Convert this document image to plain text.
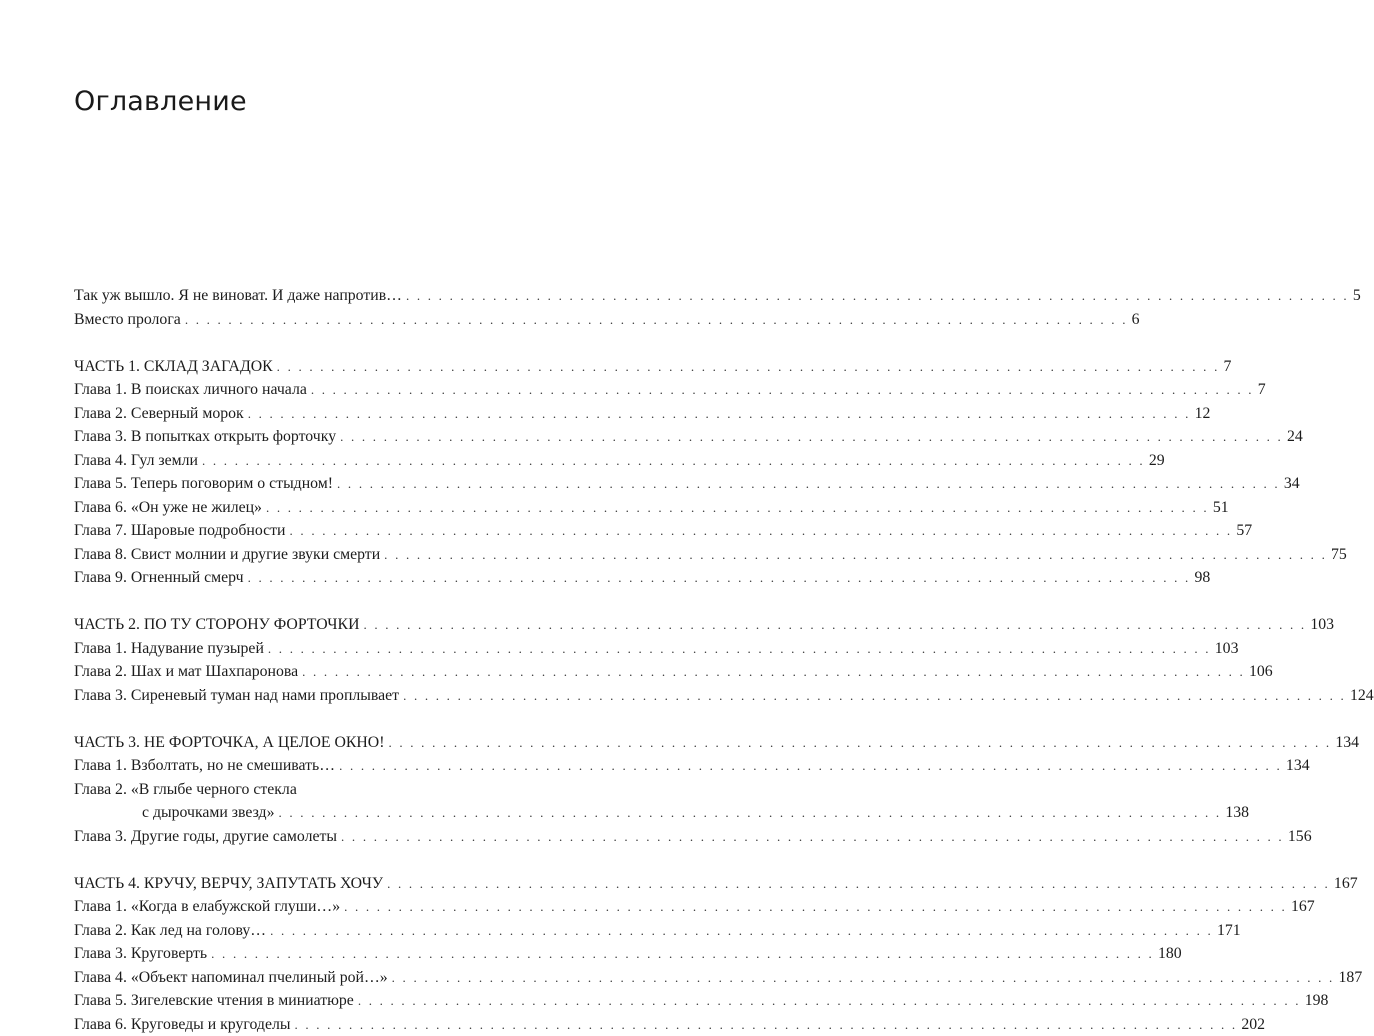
Оглавление
Так уж вышло. Я не виноват. И даже напротив… . . . . . . . . . . . . . . . . . . . . . . . . . . . . . . . . . . . . . . . . . . . . . . . . . . . . . . . . . . . . . . . . . . . . . . . . . . . . . . . . . . . . . . . 5
Вместо пролога . . . . . . . . . . . . . . . . . . . . . . . . . . . . . . . . . . . . . . . . . . . . . . . . . . . . . . . . . . . . . . . . . . . . . . . . . . . . . . . . . . . . . . . 6
ЧАСТЬ 1. СКЛАД ЗАГАДОК . . . . . . . . . . . . . . . . . . . . . . . . . . . . . . . . . . . . . . . . . . . . . . . . . . . . . . . . . . . . . . . . . . . . . . . . . . . . . . . . . . . . . . . 7
Глава 1. В поисках личного начала . . . . . . . . . . . . . . . . . . . . . . . . . . . . . . . . . . . . . . . . . . . . . . . . . . . . . . . . . . . . . . . . . . . . . . . . . . . . . . . . . . . . . . . 7
Глава 2. Северный морок . . . . . . . . . . . . . . . . . . . . . . . . . . . . . . . . . . . . . . . . . . . . . . . . . . . . . . . . . . . . . . . . . . . . . . . . . . . . . . . . . . . . . . . 12
Глава 3. В попытках открыть форточку . . . . . . . . . . . . . . . . . . . . . . . . . . . . . . . . . . . . . . . . . . . . . . . . . . . . . . . . . . . . . . . . . . . . . . . . . . . . . . . . . . . . . . . 24
Глава 4. Гул земли . . . . . . . . . . . . . . . . . . . . . . . . . . . . . . . . . . . . . . . . . . . . . . . . . . . . . . . . . . . . . . . . . . . . . . . . . . . . . . . . . . . . . . . 29
Глава 5. Теперь поговорим о стыдном! . . . . . . . . . . . . . . . . . . . . . . . . . . . . . . . . . . . . . . . . . . . . . . . . . . . . . . . . . . . . . . . . . . . . . . . . . . . . . . . . . . . . . . . 34
Глава 6. «Он уже не жилец» . . . . . . . . . . . . . . . . . . . . . . . . . . . . . . . . . . . . . . . . . . . . . . . . . . . . . . . . . . . . . . . . . . . . . . . . . . . . . . . . . . . . . . . 51
Глава 7. Шаровые подробности . . . . . . . . . . . . . . . . . . . . . . . . . . . . . . . . . . . . . . . . . . . . . . . . . . . . . . . . . . . . . . . . . . . . . . . . . . . . . . . . . . . . . . . 57
Глава 8. Свист молнии и другие звуки смерти . . . . . . . . . . . . . . . . . . . . . . . . . . . . . . . . . . . . . . . . . . . . . . . . . . . . . . . . . . . . . . . . . . . . . . . . . . . . . . . . . . . . . . . 75
Глава 9. Огненный смерч . . . . . . . . . . . . . . . . . . . . . . . . . . . . . . . . . . . . . . . . . . . . . . . . . . . . . . . . . . . . . . . . . . . . . . . . . . . . . . . . . . . . . . . 98
ЧАСТЬ 2. ПО ТУ СТОРОНУ ФОРТОЧКИ . . . . . . . . . . . . . . . . . . . . . . . . . . . . . . . . . . . . . . . . . . . . . . . . . . . . . . . . . . . . . . . . . . . . . . . . . . . . . . . . . . . . . . . 103
Глава 1. Надувание пузырей . . . . . . . . . . . . . . . . . . . . . . . . . . . . . . . . . . . . . . . . . . . . . . . . . . . . . . . . . . . . . . . . . . . . . . . . . . . . . . . . . . . . . . . 103
Глава 2. Шах и мат Шахпаронова . . . . . . . . . . . . . . . . . . . . . . . . . . . . . . . . . . . . . . . . . . . . . . . . . . . . . . . . . . . . . . . . . . . . . . . . . . . . . . . . . . . . . . . 106
Глава 3. Сиреневый туман над нами проплывает . . . . . . . . . . . . . . . . . . . . . . . . . . . . . . . . . . . . . . . . . . . . . . . . . . . . . . . . . . . . . . . . . . . . . . . . . . . . . . . . . . . . . . . 124
ЧАСТЬ 3. НЕ ФОРТОЧКА, А ЦЕЛОЕ ОКНО! . . . . . . . . . . . . . . . . . . . . . . . . . . . . . . . . . . . . . . . . . . . . . . . . . . . . . . . . . . . . . . . . . . . . . . . . . . . . . . . . . . . . . . . 134
Глава 1. Взболтать, но не смешивать… . . . . . . . . . . . . . . . . . . . . . . . . . . . . . . . . . . . . . . . . . . . . . . . . . . . . . . . . . . . . . . . . . . . . . . . . . . . . . . . . . . . . . . . 134
Глава 2. «В глыбе черного стекла
с дырочками звезд» . . . . . . . . . . . . . . . . . . . . . . . . . . . . . . . . . . . . . . . . . . . . . . . . . . . . . . . . . . . . . . . . . . . . . . . . . . . . . . . . . . . . . . . 138
Глава 3. Другие годы, другие самолеты . . . . . . . . . . . . . . . . . . . . . . . . . . . . . . . . . . . . . . . . . . . . . . . . . . . . . . . . . . . . . . . . . . . . . . . . . . . . . . . . . . . . . . . 156
ЧАСТЬ 4. КРУЧУ, ВЕРЧУ, ЗАПУТАТЬ ХОЧУ . . . . . . . . . . . . . . . . . . . . . . . . . . . . . . . . . . . . . . . . . . . . . . . . . . . . . . . . . . . . . . . . . . . . . . . . . . . . . . . . . . . . . . . 167
Глава 1. «Когда в елабужской глуши…» . . . . . . . . . . . . . . . . . . . . . . . . . . . . . . . . . . . . . . . . . . . . . . . . . . . . . . . . . . . . . . . . . . . . . . . . . . . . . . . . . . . . . . . 167
Глава 2. Как лед на голову… . . . . . . . . . . . . . . . . . . . . . . . . . . . . . . . . . . . . . . . . . . . . . . . . . . . . . . . . . . . . . . . . . . . . . . . . . . . . . . . . . . . . . . . 171
Глава 3. Круговерть . . . . . . . . . . . . . . . . . . . . . . . . . . . . . . . . . . . . . . . . . . . . . . . . . . . . . . . . . . . . . . . . . . . . . . . . . . . . . . . . . . . . . . . 180
Глава 4. «Объект напоминал пчелиный рой…» . . . . . . . . . . . . . . . . . . . . . . . . . . . . . . . . . . . . . . . . . . . . . . . . . . . . . . . . . . . . . . . . . . . . . . . . . . . . . . . . . . . . . . . 187
Глава 5. Зигелевские чтения в миниатюре . . . . . . . . . . . . . . . . . . . . . . . . . . . . . . . . . . . . . . . . . . . . . . . . . . . . . . . . . . . . . . . . . . . . . . . . . . . . . . . . . . . . . . . 198
Глава 6. Круговеды и кругоделы . . . . . . . . . . . . . . . . . . . . . . . . . . . . . . . . . . . . . . . . . . . . . . . . . . . . . . . . . . . . . . . . . . . . . . . . . . . . . . . . . . . . . . . 202
